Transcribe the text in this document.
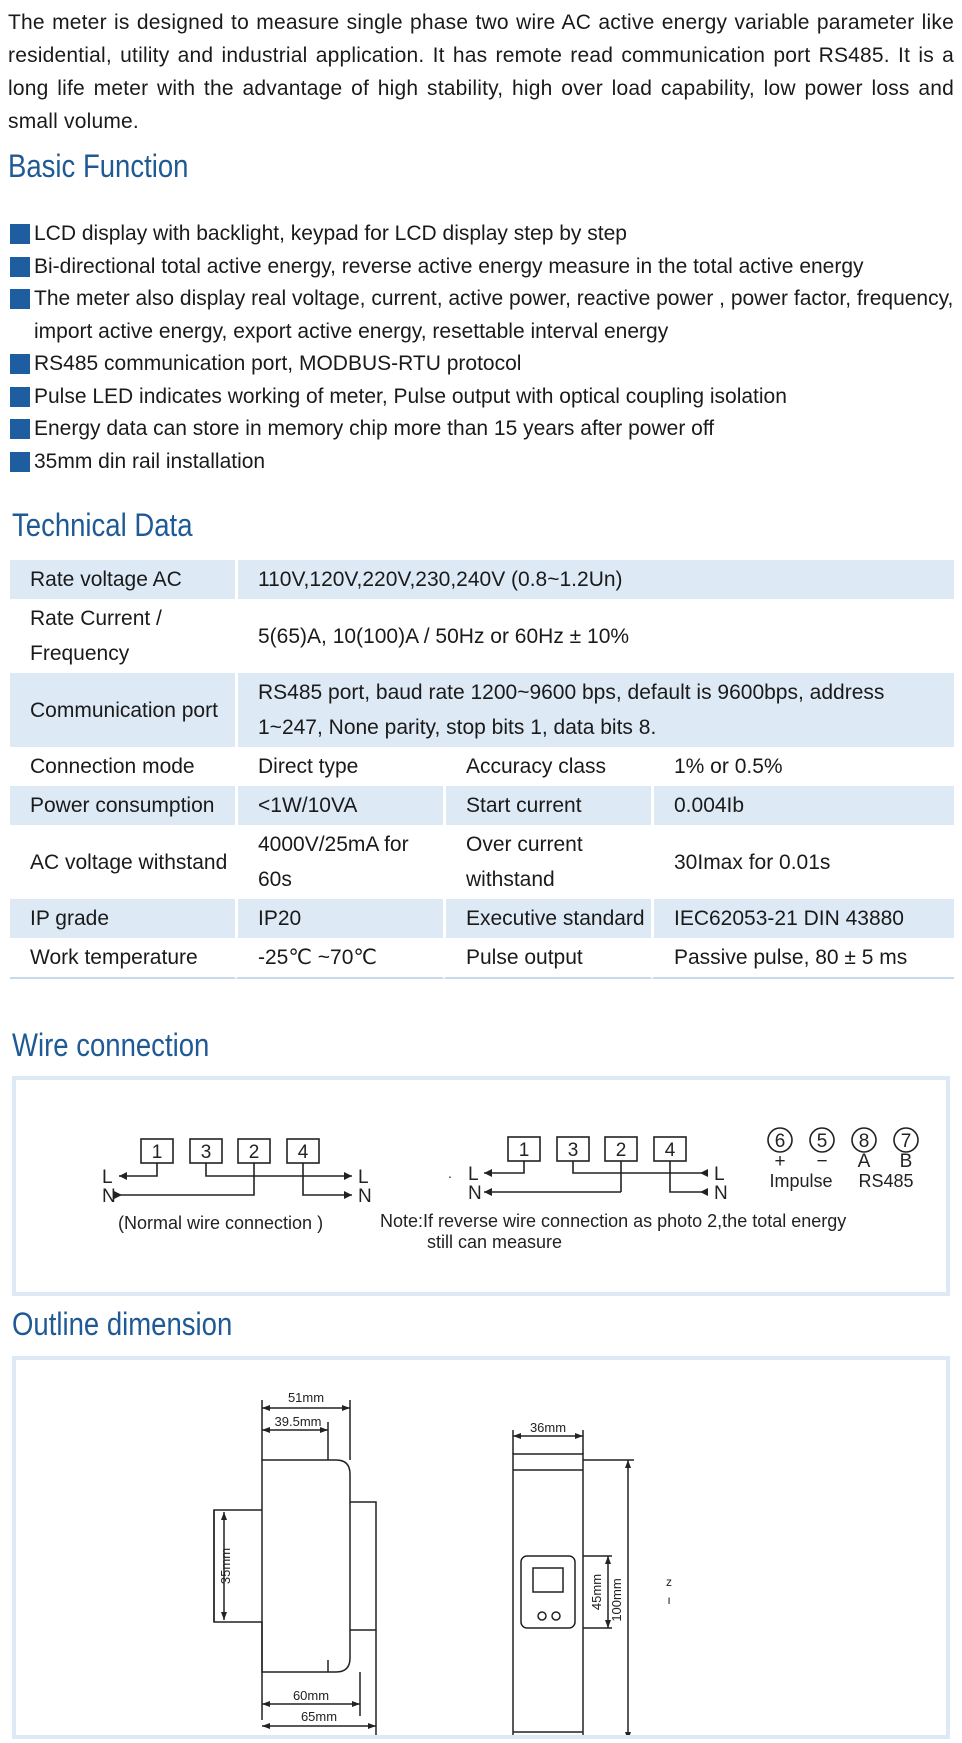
The meter is designed to measure single phase two wire AC active energy variable parameter like residential, utility and industrial application. It has remote read communication port RS485. It is a long life meter with the advantage of high stability, high over load capability, low power loss and small volume.
Basic Function
LCD display with backlight, keypad for LCD display step by step
Bi-directional total active energy, reverse active energy measure in the total active energy
The meter also display real voltage, current, active power, reactive power , power factor, frequency, import active energy, export active energy, resettable interval energy
RS485 communication port, MODBUS-RTU protocol
Pulse LED indicates working of meter, Pulse output with optical coupling isolation
Energy data can store in memory chip more than 15 years after power off
35mm din rail installation
Technical Data
Rate voltage AC	110V,120V,220V,230,240V (0.8~1.2Un)		
Rate Current / Frequency	5(65)A, 10(100)A / 50Hz or 60Hz ± 10%		
Communication port	RS485 port, baud rate 1200~9600 bps, default is 9600bps, address 1~247, None parity, stop bits 1, data bits 8.		
Connection mode	Direct type	Accuracy class	1% or 0.5%
Power consumption	<1W/10VA	Start current	0.004Ib
AC voltage withstand	4000V/25mA for 60s	Over current withstand	30Imax for 0.01s
IP grade	IP20	Executive standard	IEC62053-21 DIN 43880
Work temperature	-25℃ ~70℃	Pulse output	Passive pulse, 80 ± 5 ms
Wire connection
1 3 2 4	1 3 2 4	6 5 8 7
L
N
L
N
L
N
L
N
.
+ − A B
Impulse RS485
(Normal wire connection )	Note:If reverse wire connection as photo 2,the total energy
still can measure
Outline dimension
51mm
39.5mm
60mm
65mm
36mm
35mm
45mm 100mm	z
ı
